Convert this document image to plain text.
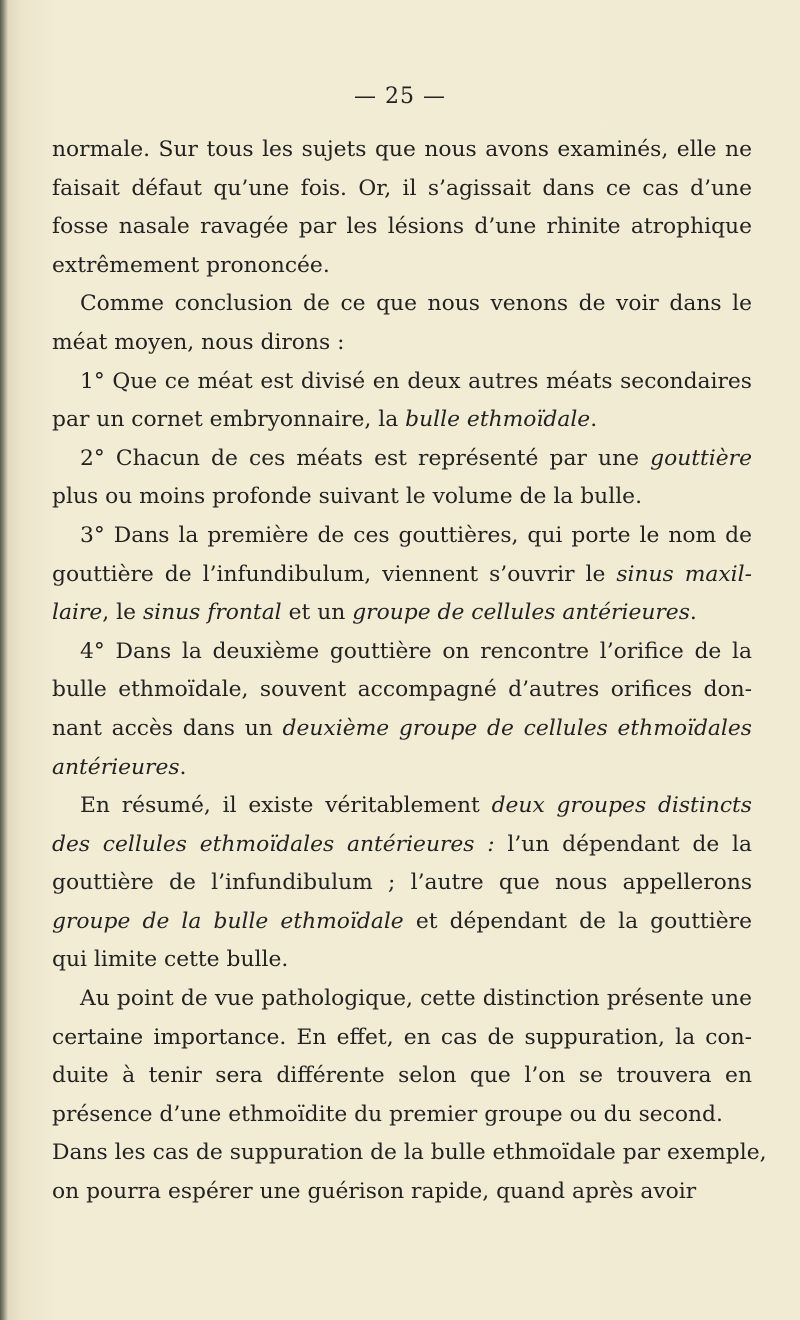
— 25 —
normale. Sur tous les sujets que nous avons examinés, elle ne
faisait défaut qu’une fois. Or, il s’agissait dans ce cas d’une
fosse nasale ravagée par les lésions d’une rhinite atrophique
extrêmement prononcée.
Comme conclusion de ce que nous venons de voir dans le
méat moyen, nous dirons :
1° Que ce méat est divisé en deux autres méats secondaires
par un cornet embryonnaire, la bulle ethmoïdale.
2° Chacun de ces méats est représenté par une gouttière
plus ou moins profonde suivant le volume de la bulle.
3° Dans la première de ces gouttières, qui porte le nom de
gouttière de l’infundibulum, viennent s’ouvrir le sinus maxil-
laire, le sinus frontal et un groupe de cellules antérieures.
4° Dans la deuxième gouttière on rencontre l’orifice de la
bulle ethmoïdale, souvent accompagné d’autres orifices don-
nant accès dans un deuxième groupe de cellules ethmoïdales
antérieures.
En résumé, il existe véritablement deux groupes distincts
des cellules ethmoïdales antérieures : l’un dépendant de la
gouttière de l’infundibulum ; l’autre que nous appellerons
groupe de la bulle ethmoïdale et dépendant de la gouttière
qui limite cette bulle.
Au point de vue pathologique, cette distinction présente une
certaine importance. En effet, en cas de suppuration, la con-
duite à tenir sera différente selon que l’on se trouvera en
présence d’une ethmoïdite du premier groupe ou du second.
Dans les cas de suppuration de la bulle ethmoïdale par exemple,
on pourra espérer une guérison rapide, quand après avoir
